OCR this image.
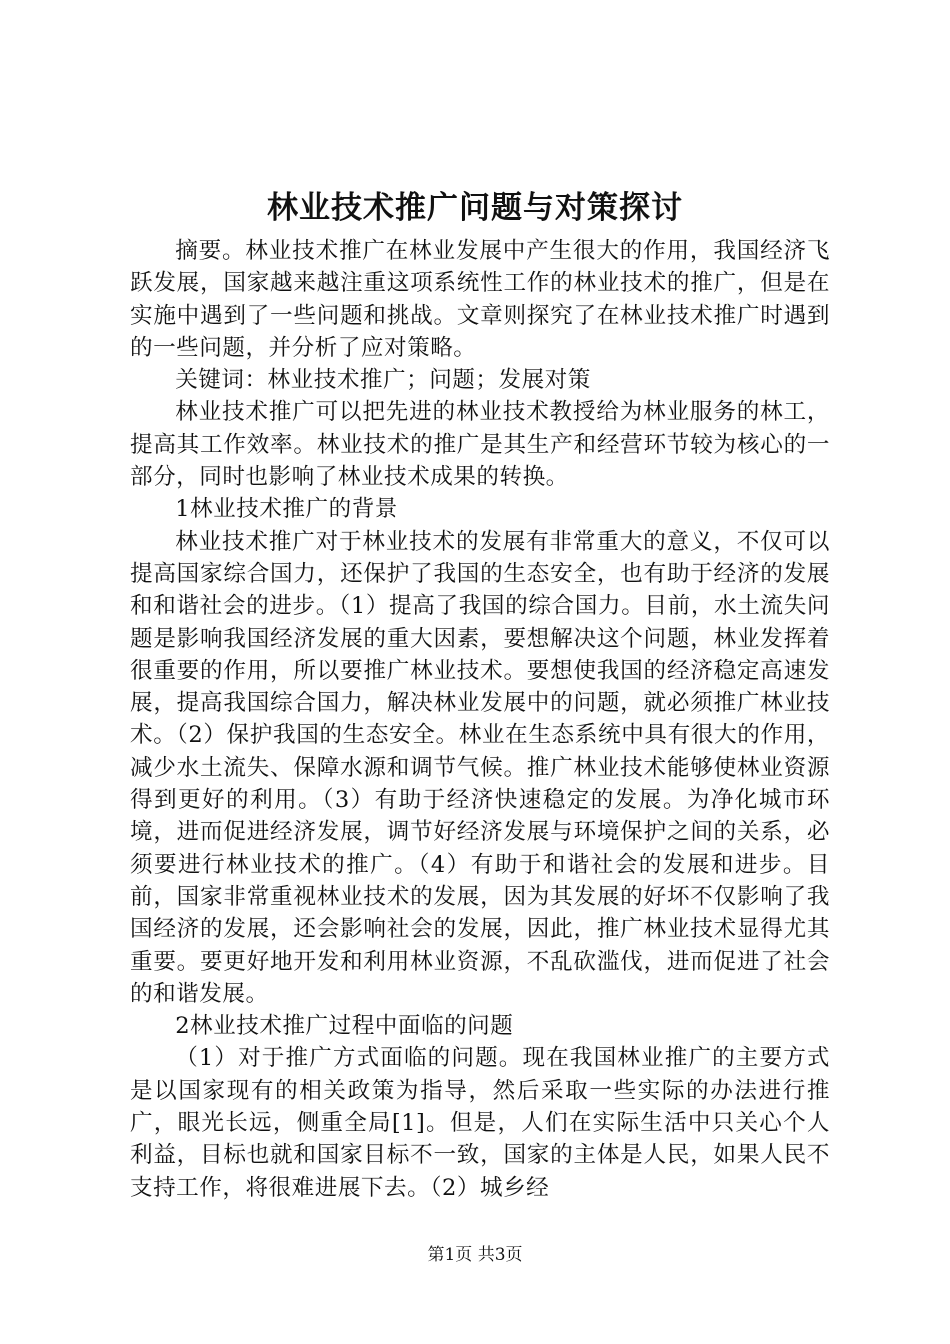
林业技术推广问题与对策探讨

摘要。林业技术推广在林业发展中产生很大的作用，我国经济飞跃发展，国家越来越注重这项系统性工作的林业技术的推广，但是在实施中遇到了一些问题和挑战。文章则探究了在林业技术推广时遇到的一些问题，并分析了应对策略。

关键词：林业技术推广；问题；发展对策

林业技术推广可以把先进的林业技术教授给为林业服务的林工，提高其工作效率。林业技术的推广是其生产和经营环节较为核心的一部分，同时也影响了林业技术成果的转换。

1林业技术推广的背景

林业技术推广对于林业技术的发展有非常重大的意义，不仅可以提高国家综合国力，还保护了我国的生态安全，也有助于经济的发展和和谐社会的进步。（1）提高了我国的综合国力。目前，水土流失问题是影响我国经济发展的重大因素，要想解决这个问题，林业发挥着很重要的作用，所以要推广林业技术。要想使我国的经济稳定高速发展，提高我国综合国力，解决林业发展中的问题，就必须推广林业技术。（2）保护我国的生态安全。林业在生态系统中具有很大的作用，减少水土流失、保障水源和调节气候。推广林业技术能够使林业资源得到更好的利用。（3）有助于经济快速稳定的发展。为净化城市环境，进而促进经济发展，调节好经济发展与环境保护之间的关系，必须要进行林业技术的推广。（4）有助于和谐社会的发展和进步。目前，国家非常重视林业技术的发展，因为其发展的好坏不仅影响了我国经济的发展，还会影响社会的发展，因此，推广林业技术显得尤其重要。要更好地开发和利用林业资源，不乱砍滥伐，进而促进了社会的和谐发展。

2林业技术推广过程中面临的问题

（1）对于推广方式面临的问题。现在我国林业推广的主要方式是以国家现有的相关政策为指导，然后采取一些实际的办法进行推广，眼光长远，侧重全局[1]。但是，人们在实际生活中只关心个人利益，目标也就和国家目标不一致，国家的主体是人民，如果人民不支持工作，将很难进展下去。（2）城乡经

第1页 共3页
